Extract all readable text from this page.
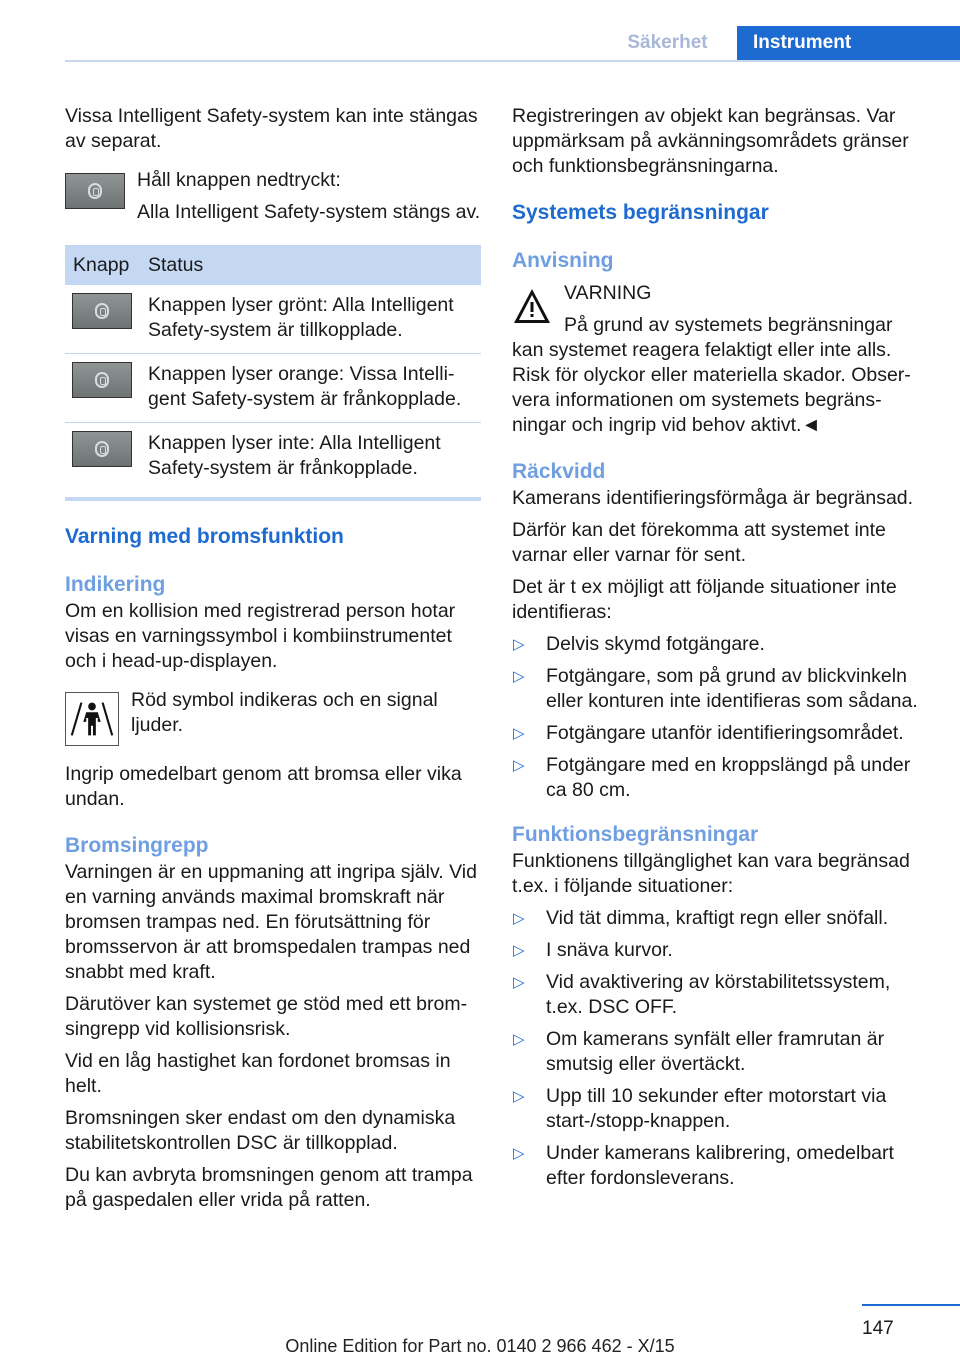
Säkerhet	Instrument

Vissa Intelligent Safety-system kan inte stängas av separat.

Håll knappen nedtryckt:

Alla Intelligent Safety-system stängs av.

Knapp	Status

	Knappen lyser grönt: Alla Intelligent Safety-system är tillkopplade.

	Knappen lyser orange: Vissa Intelli-gent Safety-system är frånkopplade.

	Knappen lyser inte: Alla Intelligent Safety-system är frånkopplade.
Varning med bromsfunktion
Indikering

Om en kollision med registrerad person hotar visas en varningssymbol i kombiinstrumentet och i head-up-displayen.

Röd symbol indikeras och en signal ljuder.

Ingrip omedelbart genom att bromsa eller vika undan.

Bromsingrepp

Varningen är en uppmaning att ingripa själv. Vid en varning används maximal bromskraft när bromsen trampas ned. En förutsättning för bromsservon är att bromspedalen trampas ned snabbt med kraft.

Därutöver kan systemet ge stöd med ett brom-singrepp vid kollisionsrisk.

Vid en låg hastighet kan fordonet bromsas in helt.

Bromsningen sker endast om den dynamiska stabilitetskontrollen DSC är tillkopplad.

Du kan avbryta bromsningen genom att trampa på gaspedalen eller vrida på ratten.

Registreringen av objekt kan begränsas. Var uppmärksam på avkänningsområdets gränser och funktionsbegränsningarna.

Systemets begränsningar
Anvisning

VARNING

På grund av systemets begränsningar kan systemet reagera felaktigt eller inte alls. Risk för olyckor eller materiella skador. Obser-vera informationen om systemets begräns-ningar och ingrip vid behov aktivt.◄

Räckvidd

Kamerans identifieringsförmåga är begränsad.

Därför kan det förekomma att systemet inte varnar eller varnar för sent.

Det är t ex möjligt att följande situationer inte identifieras:

▷ Delvis skymd fotgängare.
▷ Fotgängare, som på grund av blickvinkeln eller konturen inte identifieras som sådana.
▷ Fotgängare utanför identifieringsområdet.
▷ Fotgängare med en kroppslängd på under ca 80 cm.
Funktionsbegränsningar

Funktionens tillgänglighet kan vara begränsad t.ex. i följande situationer:

▷ Vid tät dimma, kraftigt regn eller snöfall.
▷ I snäva kurvor.
▷ Vid avaktivering av körstabilitetssystem, t.ex. DSC OFF.
▷ Om kamerans synfält eller framrutan är smutsig eller övertäckt.
▷ Upp till 10 sekunder efter motorstart via start-/stopp-knappen.
▷ Under kamerans kalibrering, omedelbart efter fordonsleverans.
147
Online Edition for Part no. 0140 2 966 462 - X/15
